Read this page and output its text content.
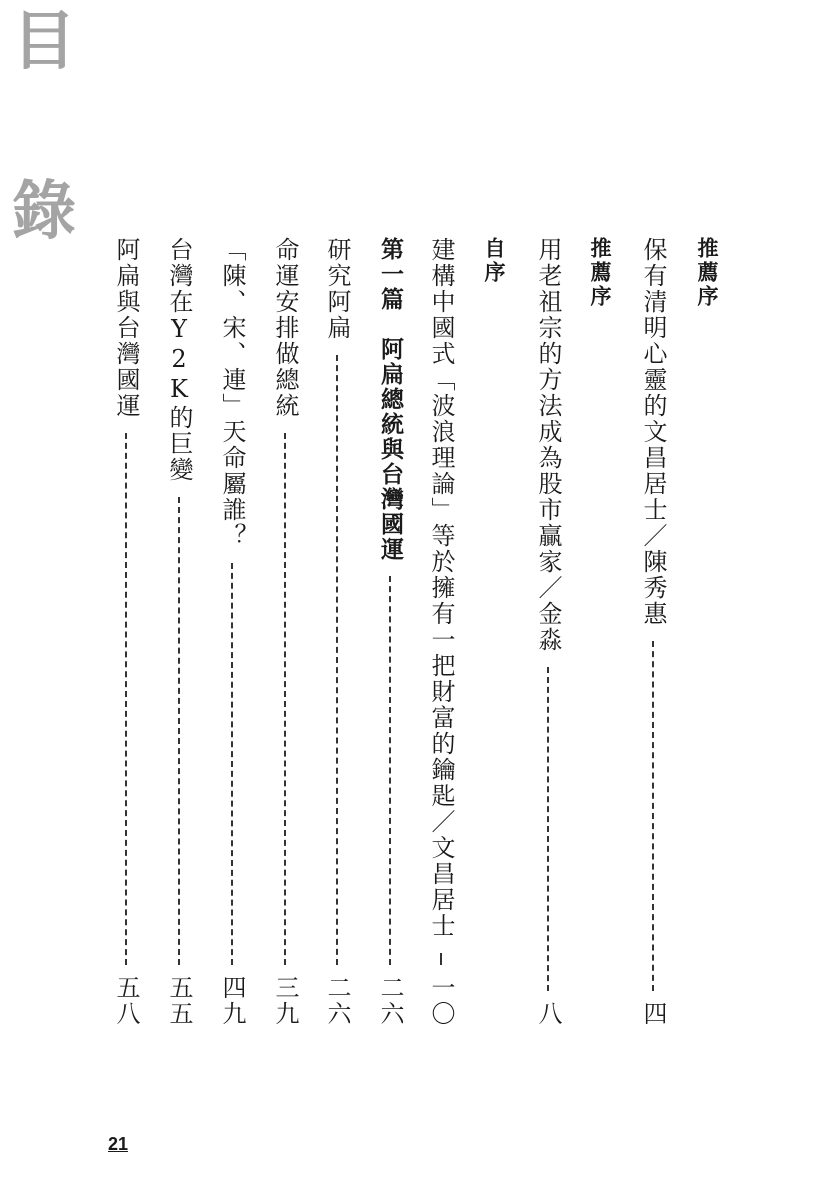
目
錄
推薦序
保有清明心靈的文昌居士／陳秀惠
四
推薦序
用老祖宗的方法成為股市贏家／金淼
八
自序
建構中國式「波浪理論」等於擁有一把財富的鑰匙／文昌居士
一〇
第一篇　阿扁總統與台灣國運
二六
研究阿扁
二六
命運安排做總統
三九
「陳、宋、連」天命屬誰？
四九
台灣在Y2K的巨變
五五
阿扁與台灣國運
五八
21
